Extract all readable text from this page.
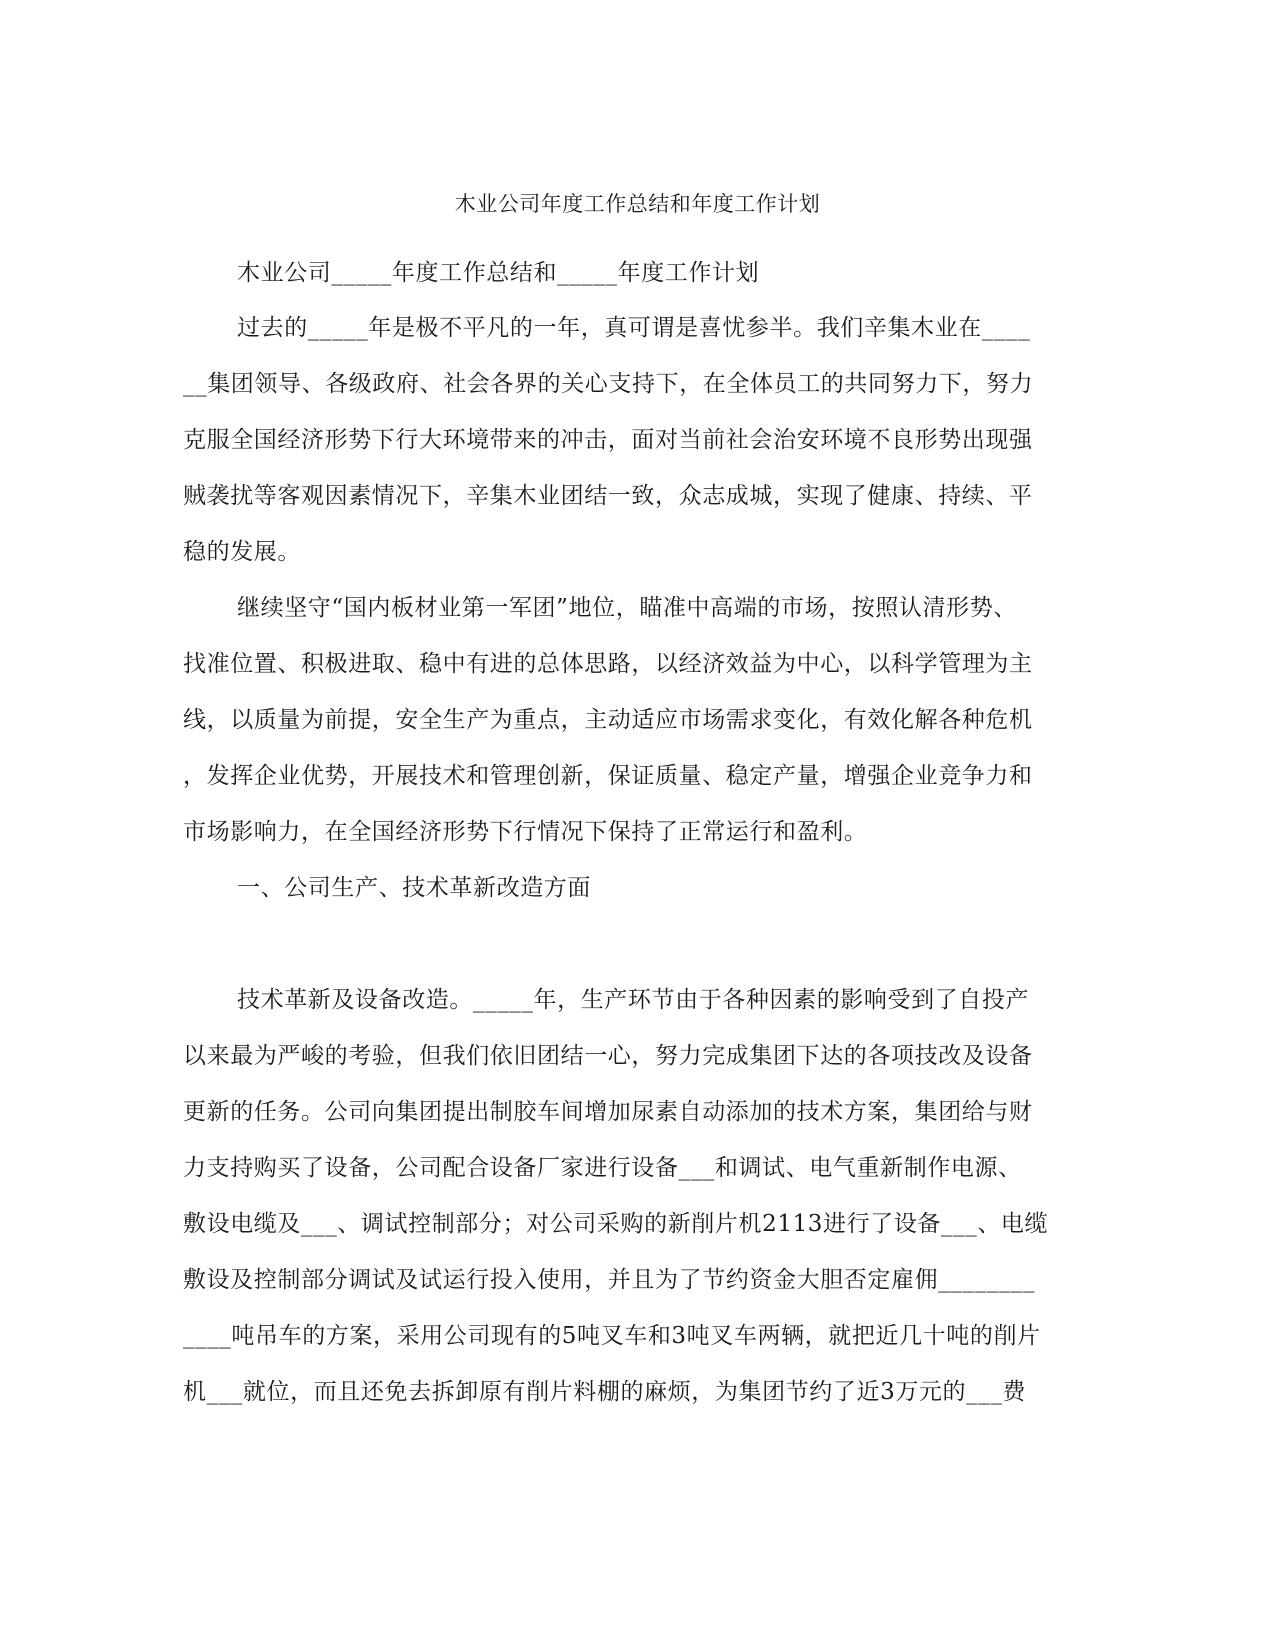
木业公司年度工作总结和年度工作计划
木业公司_____年度工作总结和_____年度工作计划
过去的_____年是极不平凡的一年，真可谓是喜忧参半。我们辛集木业在____
__集团领导、各级政府、社会各界的关心支持下，在全体员工的共同努力下，努力
克服全国经济形势下行大环境带来的冲击，面对当前社会治安环境不良形势出现强
贼袭扰等客观因素情况下，辛集木业团结一致，众志成城，实现了健康、持续、平
稳的发展。
继续坚守“国内板材业第一军团”地位，瞄准中高端的市场，按照认清形势、
找准位置、积极进取、稳中有进的总体思路，以经济效益为中心，以科学管理为主
线，以质量为前提，安全生产为重点，主动适应市场需求变化，有效化解各种危机
，发挥企业优势，开展技术和管理创新，保证质量、稳定产量，增强企业竞争力和
市场影响力，在全国经济形势下行情况下保持了正常运行和盈利。
一、公司生产、技术革新改造方面
技术革新及设备改造。_____年，生产环节由于各种因素的影响受到了自投产
以来最为严峻的考验，但我们依旧团结一心，努力完成集团下达的各项技改及设备
更新的任务。公司向集团提出制胶车间增加尿素自动添加的技术方案，集团给与财
力支持购买了设备，公司配合设备厂家进行设备___和调试、电气重新制作电源、
敷设电缆及___、调试控制部分；对公司采购的新削片机2113进行了设备___、电缆
敷设及控制部分调试及试运行投入使用，并且为了节约资金大胆否定雇佣________
____吨吊车的方案，采用公司现有的5吨叉车和3吨叉车两辆，就把近几十吨的削片
机___就位，而且还免去拆卸原有削片料棚的麻烦，为集团节约了近3万元的___费
